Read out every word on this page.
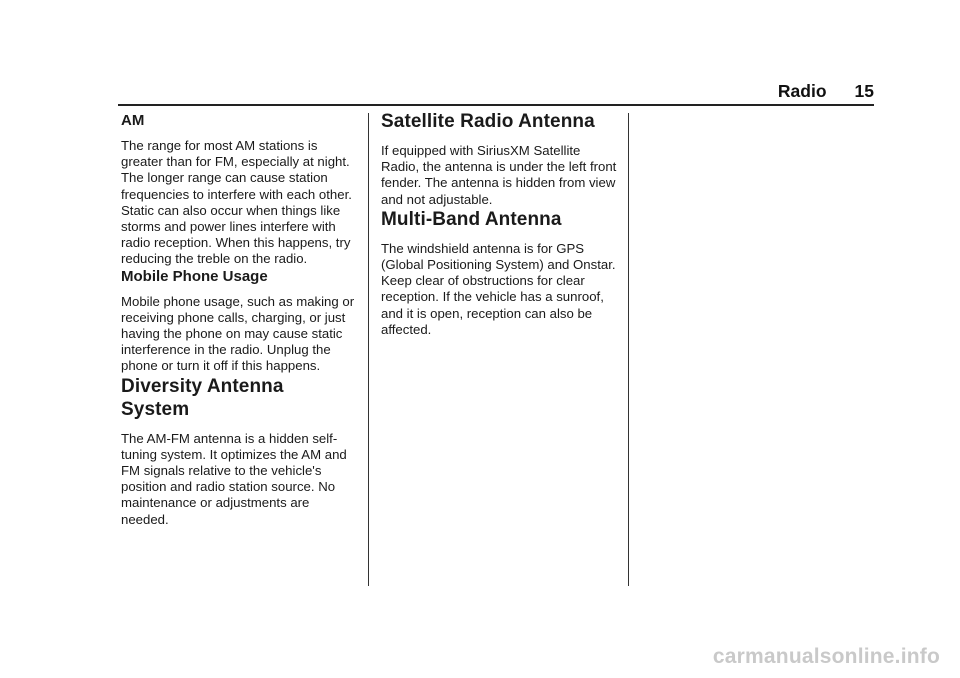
Radio 15
AM

The range for most AM stations is greater than for FM, especially at night. The longer range can cause station frequencies to interfere with each other. Static can also occur when things like storms and power lines interfere with radio reception. When this happens, try reducing the treble on the radio.

Mobile Phone Usage

Mobile phone usage, such as making or receiving phone calls, charging, or just having the phone on may cause static interference in the radio. Unplug the phone or turn it off if this happens.

Diversity Antenna System

The AM-FM antenna is a hidden self-tuning system. It optimizes the AM and FM signals relative to the vehicle's position and radio station source. No maintenance or adjustments are needed.

Satellite Radio Antenna

If equipped with SiriusXM Satellite Radio, the antenna is under the left front fender. The antenna is hidden from view and not adjustable.

Multi-Band Antenna

The windshield antenna is for GPS (Global Positioning System) and Onstar. Keep clear of obstructions for clear reception. If the vehicle has a sunroof, and it is open, reception can also be affected.

carmanualsonline.info
